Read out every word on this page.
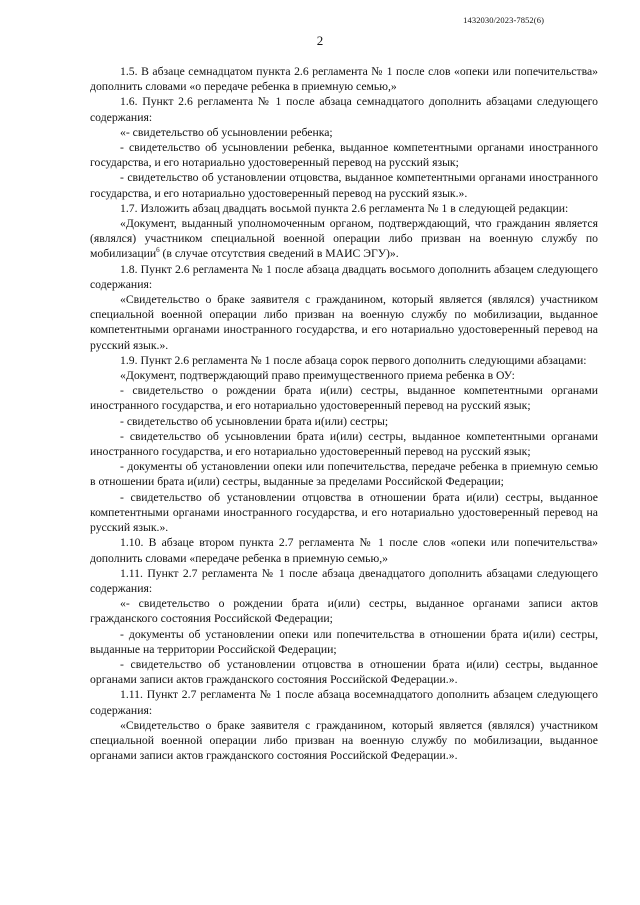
1432030/2023-7852(6)
2

1.5. В абзаце семнадцатом пункта 2.6 регламента № 1 после слов «опеки или попечительства» дополнить словами «о передаче ребенка в приемную семью,»

1.6. Пункт 2.6 регламента № 1 после абзаца семнадцатого дополнить абзацами следующего содержания:

«- свидетельство об усыновлении ребенка;

- свидетельство об усыновлении ребенка, выданное компетентными органами иностранного государства, и его нотариально удостоверенный перевод на русский язык;

- свидетельство об установлении отцовства, выданное компетентными органами иностранного государства, и его нотариально удостоверенный перевод на русский язык.».

1.7. Изложить абзац двадцать восьмой пункта 2.6 регламента № 1 в следующей редакции:

«Документ, выданный уполномоченным органом, подтверждающий, что гражданин является (являлся) участником специальной военной операции либо призван на военную службу по мобилизации$^6$ (в случае отсутствия сведений в МАИС ЭГУ)».

1.8. Пункт 2.6 регламента № 1 после абзаца двадцать восьмого дополнить абзацем следующего содержания:

«Свидетельство о браке заявителя с гражданином, который является (являлся) участником специальной военной операции либо призван на военную службу по мобилизации, выданное компетентными органами иностранного государства, и его нотариально удостоверенный перевод на русский язык.».

1.9. Пункт 2.6 регламента № 1 после абзаца сорок первого дополнить следующими абзацами:

«Документ, подтверждающий право преимущественного приема ребенка в ОУ:

- свидетельство о рождении брата и(или) сестры, выданное компетентными органами иностранного государства, и его нотариально удостоверенный перевод на русский язык;

- свидетельство об усыновлении брата и(или) сестры;

- свидетельство об усыновлении брата и(или) сестры, выданное компетентными органами иностранного государства, и его нотариально удостоверенный перевод на русский язык;

- документы об установлении опеки или попечительства, передаче ребенка в приемную семью в отношении брата и(или) сестры, выданные за пределами Российской Федерации;

- свидетельство об установлении отцовства в отношении брата и(или) сестры, выданное компетентными органами иностранного государства, и его нотариально удостоверенный перевод на русский язык.».

1.10. В абзаце втором пункта 2.7 регламента № 1 после слов «опеки или попечительства» дополнить словами «передаче ребенка в приемную семью,»

1.11. Пункт 2.7 регламента № 1 после абзаца двенадцатого дополнить абзацами следующего содержания:

«- свидетельство о рождении брата и(или) сестры, выданное органами записи актов гражданского состояния Российской Федерации;

- документы об установлении опеки или попечительства в отношении брата и(или) сестры, выданные на территории Российской Федерации;

- свидетельство об установлении отцовства в отношении брата и(или) сестры, выданное органами записи актов гражданского состояния Российской Федерации.».

1.11. Пункт 2.7 регламента № 1 после абзаца восемнадцатого дополнить абзацем следующего содержания:

«Свидетельство о браке заявителя с гражданином, который является (являлся) участником специальной военной операции либо призван на военную службу по мобилизации, выданное органами записи актов гражданского состояния Российской Федерации.».
